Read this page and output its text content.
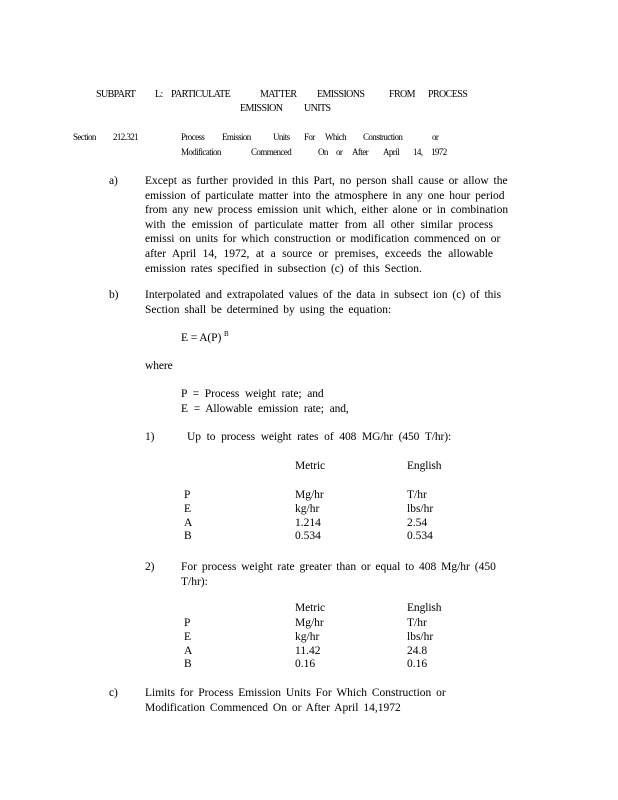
SUBPART L: PARTICULATE	MATTER EMISSIONS FROM PROCESS
EMISSION UNITS
Section 212.321	Process Emission Units For Which Construction	or
Modification	Commenced	On or After April 14, 1972
a) Except as further provided in this Part, no person shall cause or allow the
emission of particulate matter into the atmosphere in any one hour period
from any new process emission unit which, either alone or in combination
with the emission of particulate matter from all other similar process
emissi on units for which construction or modification commenced on or
after April 14, 1972, at a source or premises, exceeds the allowable
emission rates specified in subsection (c) of this Section.
b) Interpolated and extrapolated values of the data in subsect ion (c) of this
Section shall be determined by using the equation:
E = A(P) $^B$
where
P = Process weight rate; and
E = Allowable emission rate; and,
1)	Up to process weight rates of 408 MG/hr (450 T/hr):
Metric	English
P	Mg/hr	T/hr
E	kg/hr	lbs/hr
A	1.214	2.54
B	0.534	0.534
2) For process weight rate greater than or equal to 408 Mg/hr (450
T/hr):
Metric	English
P	Mg/hr	T/hr
E	kg/hr	lbs/hr
A	11.42	24.8
B	0.16	0.16
c) Limits for Process Emission Units For Which Construction or
Modification Commenced On or After April 14,1972
